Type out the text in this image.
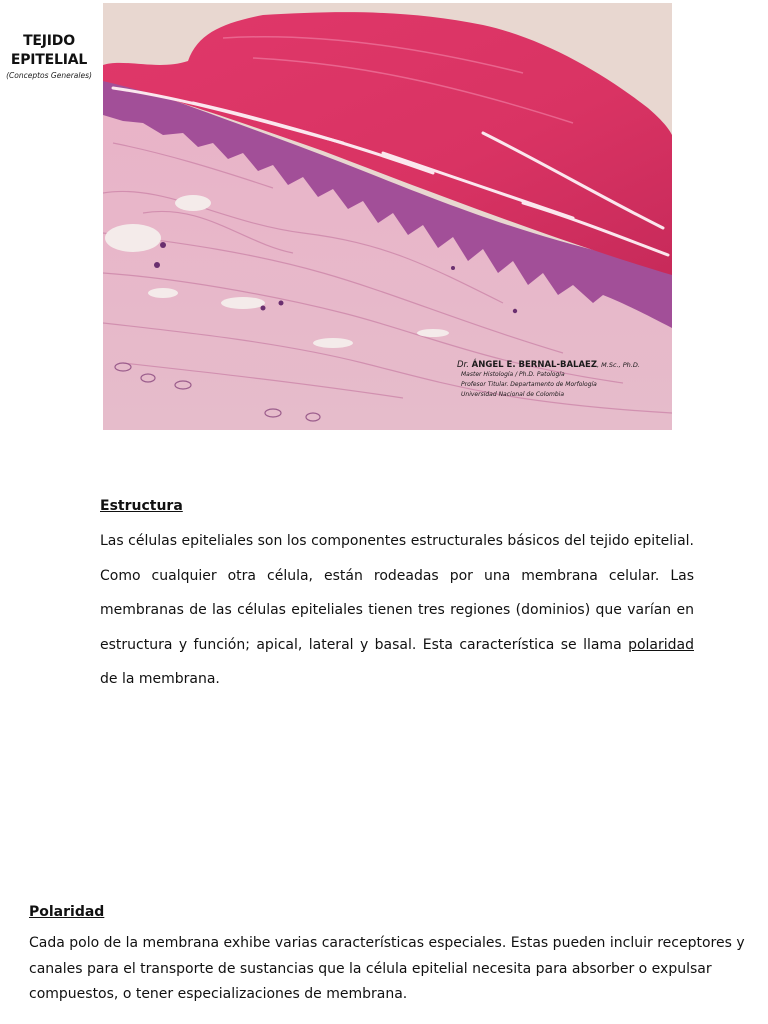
TEJIDO
EPITELIAL
(Conceptos Generales)
Dr. ÁNGEL E. BERNAL-BALAEZ, M.Sc., Ph.D.
Master Histología / Ph.D. Patología
Profesor Titular. Departamento de Morfología
Universidad Nacional de Colombia
Estructura

Las células epiteliales son los componentes estructurales básicos del tejido epitelial. Como cualquier otra célula, están rodeadas por una membrana celular. Las membranas de las células epiteliales tienen tres regiones (dominios) que varían en estructura y función; apical, lateral y basal. Esta característica se llama polaridad de la membrana.

Polaridad

Cada polo de la membrana exhibe varias características especiales. Estas pueden incluir receptores y canales para el transporte de sustancias que la célula epitelial necesita para absorber o expulsar compuestos, o tener especializaciones de membrana.
